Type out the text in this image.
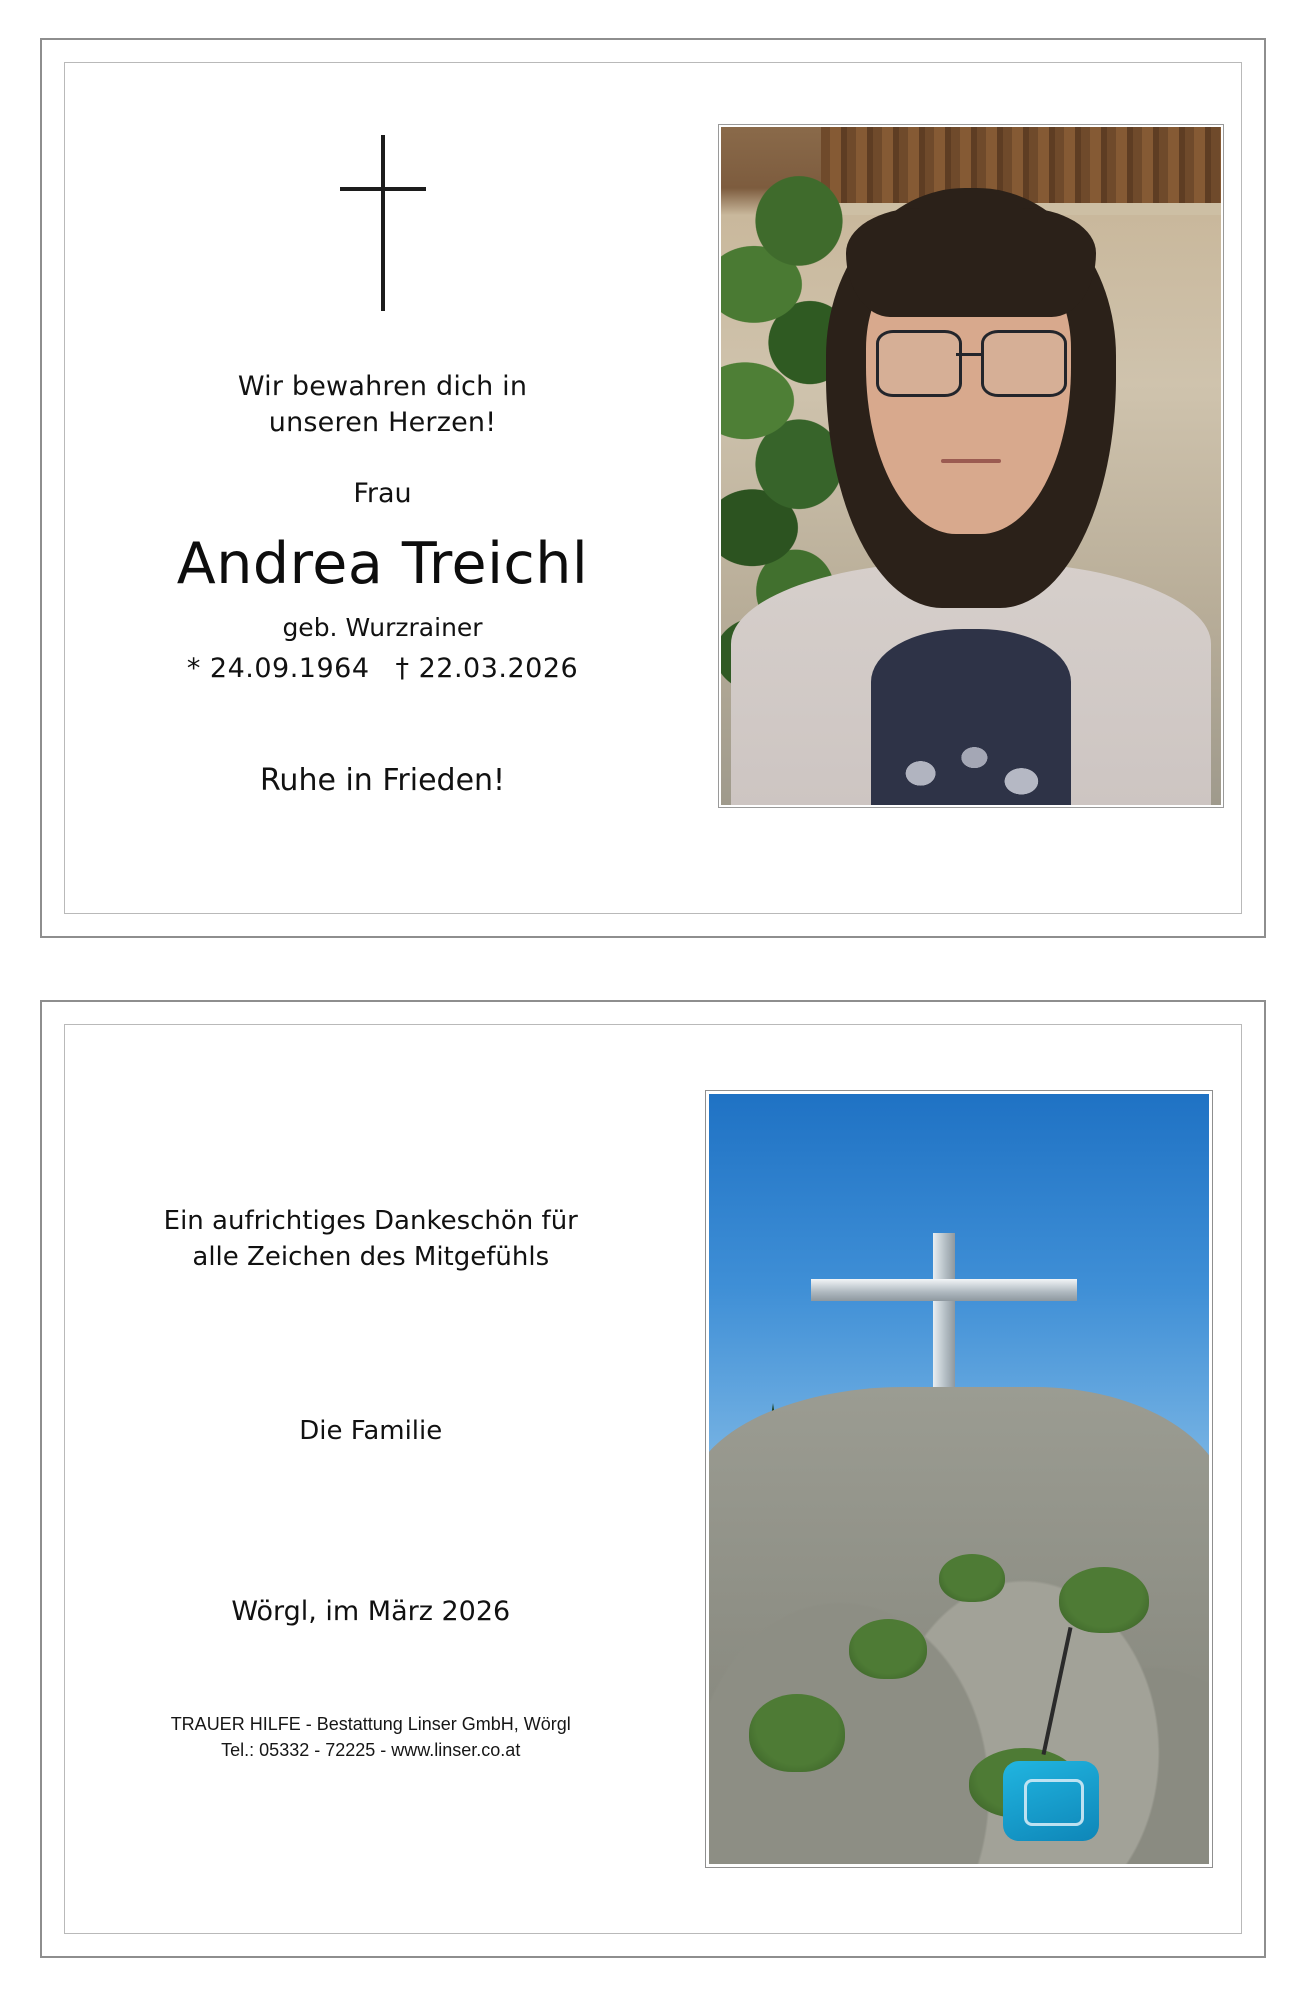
Wir bewahren dich in
unseren Herzen!
Frau
Andrea Treichl
geb. Wurzrainer
* 24.09.1964 † 22.03.2026
Ruhe in Frieden!
Ein aufrichtiges Dankeschön für
alle Zeichen des Mitgefühls
Die Familie
Wörgl, im März 2026
TRAUER HILFE - Bestattung Linser GmbH, Wörgl
Tel.: 05332 - 72225 - www.linser.co.at
